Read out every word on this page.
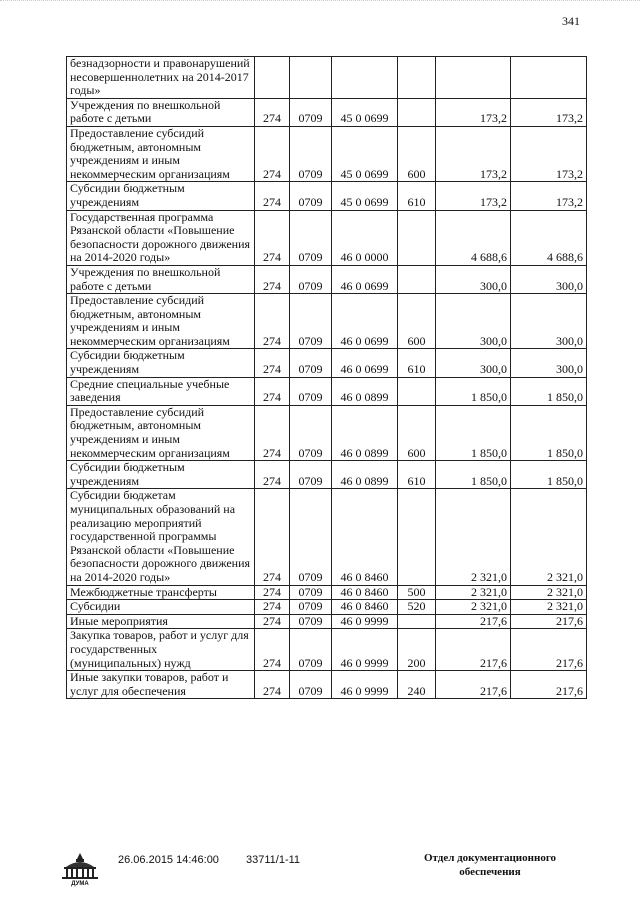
341
безнадзорности и правонарушений несовершеннолетних на 2014-2017 годы»						
Учреждения по внешкольной работе с детьми	274	0709	45 0 0699		173,2	173,2
Предоставление субсидий бюджетным, автономным учреждениям и иным некоммерческим организациям	274	0709	45 0 0699	600	173,2	173,2
Субсидии бюджетным учреждениям	274	0709	45 0 0699	610	173,2	173,2
Государственная программа Рязанской области «Повышение безопасности дорожного движения на 2014-2020 годы»	274	0709	46 0 0000		4 688,6	4 688,6
Учреждения по внешкольной работе с детьми	274	0709	46 0 0699		300,0	300,0
Предоставление субсидий бюджетным, автономным учреждениям и иным некоммерческим организациям	274	0709	46 0 0699	600	300,0	300,0
Субсидии бюджетным учреждениям	274	0709	46 0 0699	610	300,0	300,0
Средние специальные учебные заведения	274	0709	46 0 0899		1 850,0	1 850,0
Предоставление субсидий бюджетным, автономным учреждениям и иным некоммерческим организациям	274	0709	46 0 0899	600	1 850,0	1 850,0
Субсидии бюджетным учреждениям	274	0709	46 0 0899	610	1 850,0	1 850,0
Субсидии бюджетам муниципальных образований на реализацию мероприятий государственной программы Рязанской области «Повышение безопасности дорожного движения на 2014-2020 годы»	274	0709	46 0 8460		2 321,0	2 321,0
Межбюджетные трансферты	274	0709	46 0 8460	500	2 321,0	2 321,0
Субсидии	274	0709	46 0 8460	520	2 321,0	2 321,0
Иные мероприятия	274	0709	46 0 9999		217,6	217,6
Закупка товаров, работ и услуг для государственных (муниципальных) нужд	274	0709	46 0 9999	200	217,6	217,6
Иные закупки товаров, работ и услуг для обеспечения	274	0709	46 0 9999	240	217,6	217,6
ДУМА
26.06.2015 14:46:00 33711/1-11	Отдел документационного
обеспечения
